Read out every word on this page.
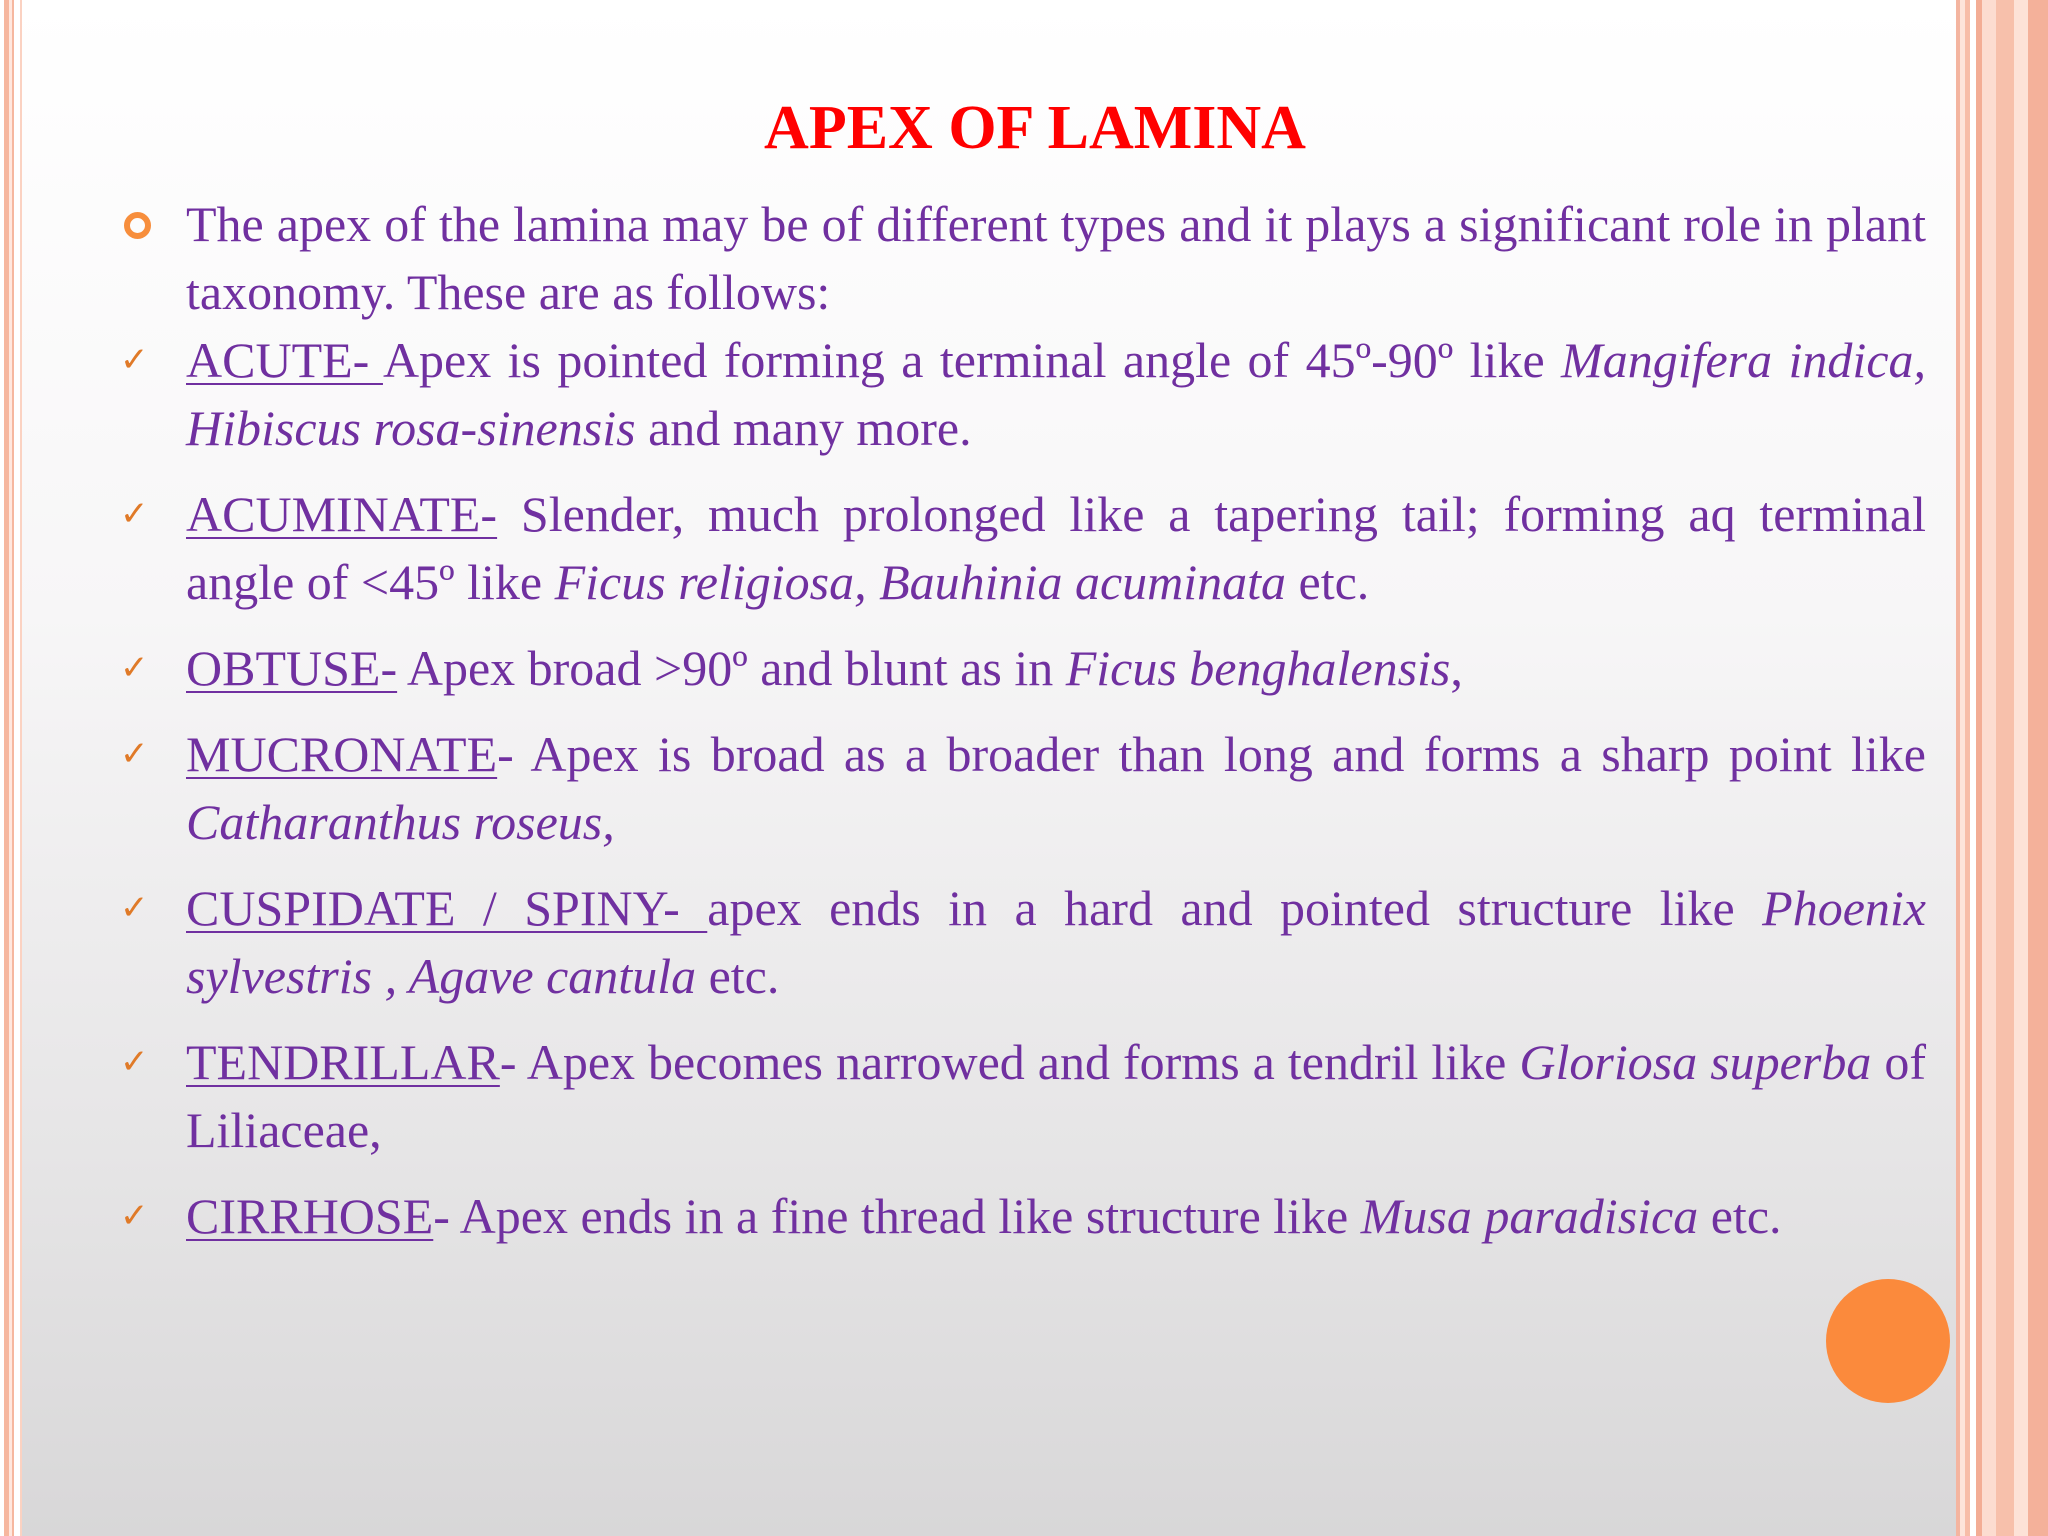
APEX OF LAMINA

The apex of the lamina may be of different types and it plays a significant role in plant taxonomy. These are as follows:

✓ ACUTE- Apex is pointed forming a terminal angle of 45º-90º like Mangifera indica, Hibiscus rosa-sinensis and many more.

✓ ACUMINATE- Slender, much prolonged like a tapering tail; forming aq terminal angle of <45º like Ficus religiosa, Bauhinia acuminata etc.

✓ OBTUSE- Apex broad >90º and blunt as in Ficus benghalensis,

✓ MUCRONATE- Apex is broad as a broader than long and forms a sharp point like Catharanthus roseus,

✓ CUSPIDATE / SPINY- apex ends in a hard and pointed structure like Phoenix sylvestris , Agave cantula etc.

✓ TENDRILLAR- Apex becomes narrowed and forms a tendril like Gloriosa superba of Liliaceae,

✓ CIRRHOSE- Apex ends in a fine thread like structure like Musa paradisica etc.
